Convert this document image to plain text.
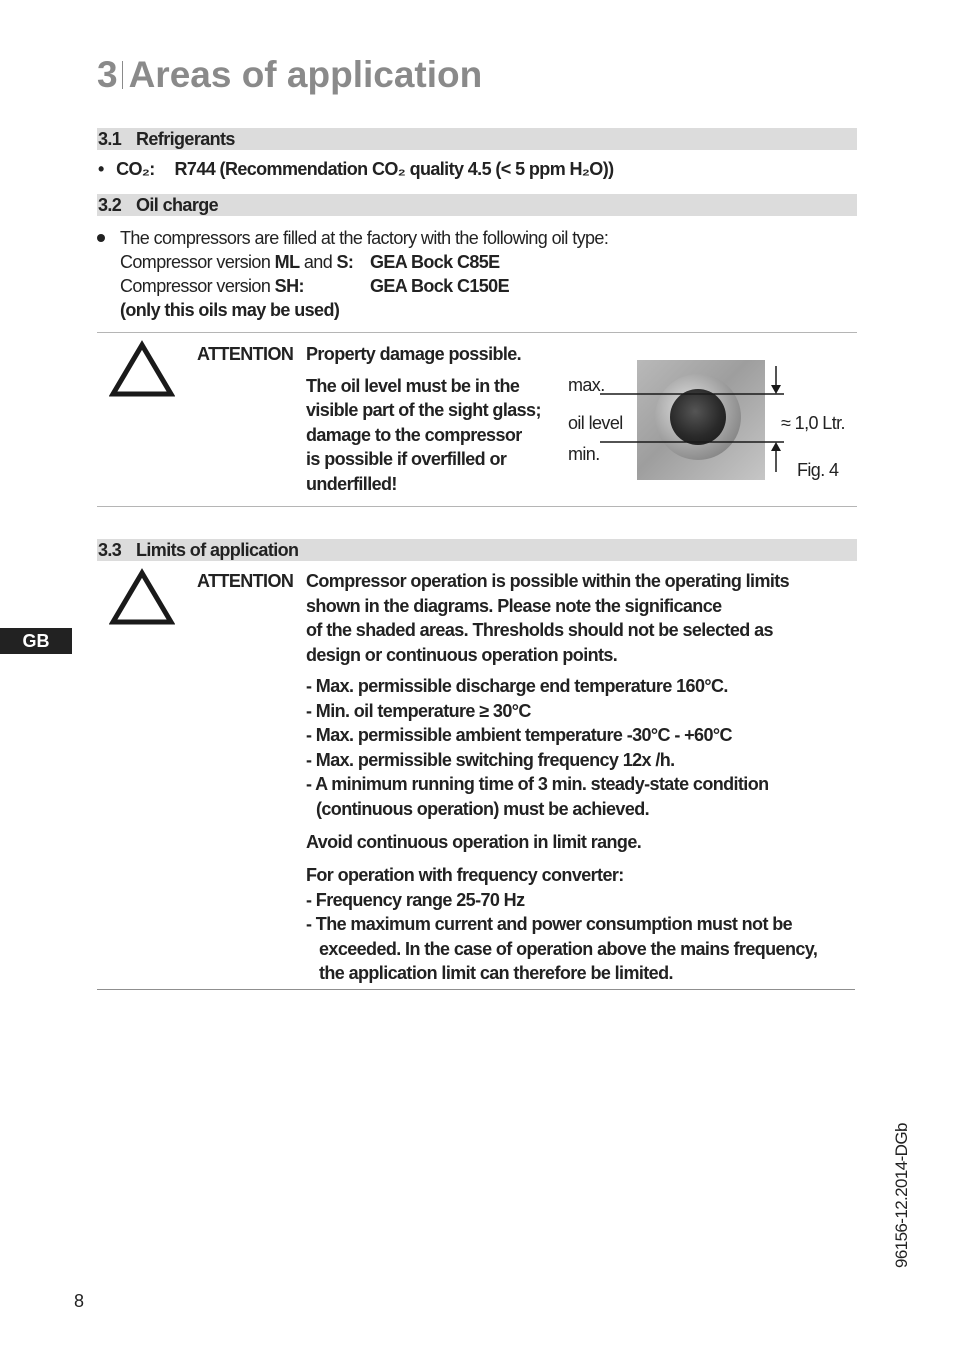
3 Areas of application
3.1 Refrigerants
• CO₂: R744 (Recommendation CO₂ quality 4.5 (< 5 ppm H₂O))
3.2 Oil charge
The compressors are filled at the factory with the following oil type:
Compressor version ML and S: GEA Bock C85E
Compressor version SH:	GEA Bock C150E
(only this oils may be used)
ATTENTION Property damage possible.
The oil level must be in the
visible part of the sight glass;
damage to the compressor
is possible if overfilled or
underfilled!
max.
oil level
min.
≈ 1,0 Ltr.
Fig. 4
3.3 Limits of application
GB
ATTENTION Compressor operation is possible within the operating limits
shown in the diagrams. Please note the significance
of the shaded areas. Thresholds should not be selected as
design or continuous operation points.
- Max. permissible discharge end temperature 160°C.
- Min. oil temperature ≥ 30°C
- Max. permissible ambient temperature -30°C - +60°C
- Max. permissible switching frequency 12x /h.
- A minimum running time of 3 min. steady-state condition
(continuous operation) must be achieved.
Avoid continuous operation in limit range.
For operation with frequency converter:
- Frequency range 25-70 Hz
- The maximum current and power consumption must not be
exceeded. In the case of operation above the mains frequency,
the application limit can therefore be limited.
8
96156-12.2014-DGb
